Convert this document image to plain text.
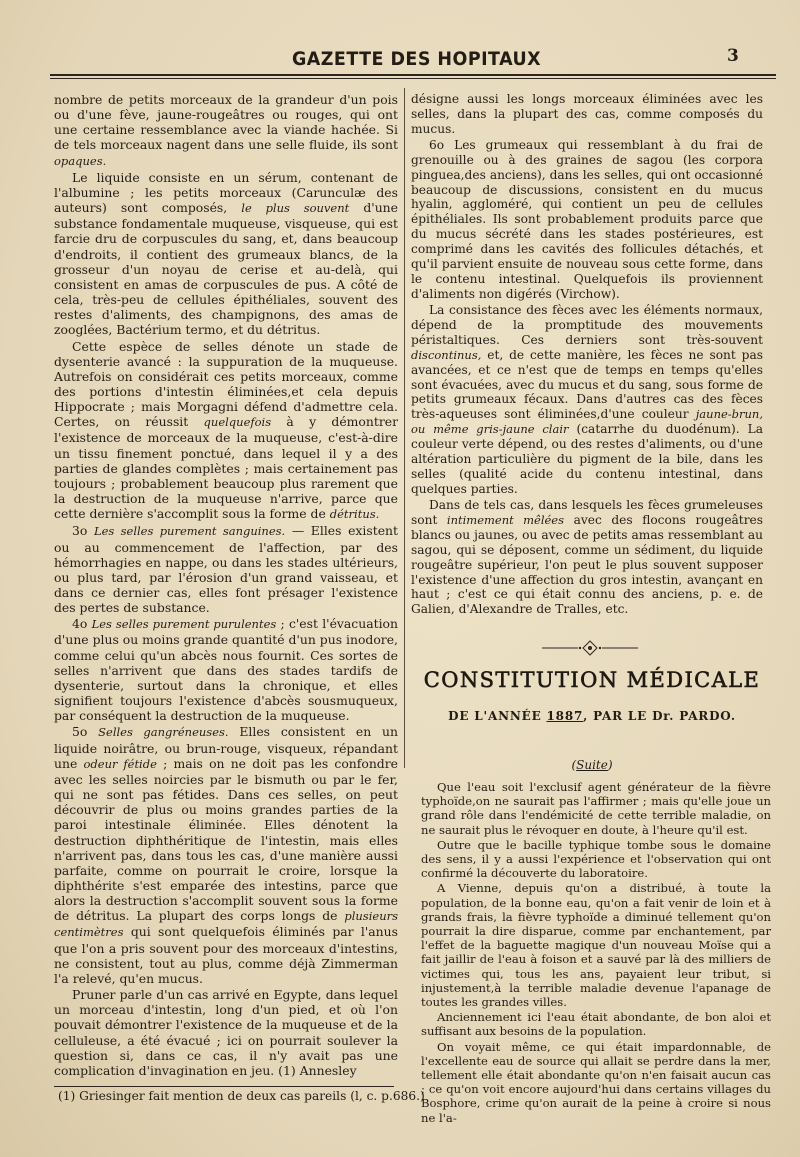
GAZETTE DES HOPITAUX	3

nombre de petits morceaux de la grandeur d'un pois ou d'une fève, jaune-rougeâtres ou rouges, qui ont une certaine ressemblance avec la viande hachée. Si de tels morceaux nagent dans une selle fluide, ils sont opaques.

Le liquide consiste en un sérum, contenant de l'albumine ; les petits morceaux (Carunculæ des auteurs) sont composés, le plus souvent d'une substance fondamentale muqueuse, visqueuse, qui est farcie dru de corpuscules du sang, et, dans beaucoup d'endroits, il contient des grumeaux blancs, de la grosseur d'un noyau de cerise et au-delà, qui consistent en amas de corpuscules de pus. A côté de cela, très-peu de cellules épithéliales, souvent des restes d'aliments, des champignons, des amas de zooglées, Bactérium termo, et du détritus.

Cette espèce de selles dénote un stade de dysenterie avancé : la suppuration de la muqueuse. Autrefois on considérait ces petits morceaux, comme des portions d'intestin éliminées,et cela depuis Hippocrate ; mais Morgagni défend d'admettre cela. Certes, on réussit quelquefois à y démontrer l'existence de morceaux de la muqueuse, c'est-à-dire un tissu finement ponctué, dans lequel il y a des parties de glandes complètes ; mais certainement pas toujours ; probablement beaucoup plus rarement que la destruction de la muqueuse n'arrive, parce que cette dernière s'accomplit sous la forme de détritus.

3o Les selles purement sanguines. — Elles existent ou au commencement de l'affection, par des hémorrhagies en nappe, ou dans les stades ultérieurs, ou plus tard, par l'érosion d'un grand vaisseau, et dans ce dernier cas, elles font présager l'existence des pertes de substance.

4o Les selles purement purulentes ; c'est l'évacuation d'une plus ou moins grande quantité d'un pus inodore, comme celui qu'un abcès nous fournit. Ces sortes de selles n'arrivent que dans des stades tardifs de dysenterie, surtout dans la chronique, et elles signifient toujours l'existence d'abcès sousmuqueux, par conséquent la destruction de la muqueuse.

5o Selles gangréneuses. Elles consistent en un liquide noirâtre, ou brun-rouge, visqueux, répandant une odeur fétide ; mais on ne doit pas les confondre avec les selles noircies par le bismuth ou par le fer, qui ne sont pas fétides. Dans ces selles, on peut découvrir de plus ou moins grandes parties de la paroi intestinale éliminée. Elles dénotent la destruction diphthéritique de l'intestin, mais elles n'arrivent pas, dans tous les cas, d'une manière aussi parfaite, comme on pourrait le croire, lorsque la diphthérite s'est emparée des intestins, parce que alors la destruction s'accomplit souvent sous la forme de détritus. La plupart des corps longs de plusieurs centimètres qui sont quelquefois éliminés par l'anus que l'on a pris souvent pour des morceaux d'intestins, ne consistent, tout au plus, comme déjà Zimmerman l'a relevé, qu'en mucus.

Pruner parle d'un cas arrivé en Egypte, dans lequel un morceau d'intestin, long d'un pied, et où l'on pouvait démontrer l'existence de la muqueuse et de la celluleuse, a été évacué ; ici on pourrait soulever la question si, dans ce cas, il n'y avait pas une complication d'invagination en jeu. (1) Annesley

(1) Griesinger fait mention de deux cas pareils (l, c. p.686.)

désigne aussi les longs morceaux éliminées avec les selles, dans la plupart des cas, comme composés du mucus.

6o Les grumeaux qui ressemblant à du frai de grenouille ou à des graines de sagou (les corpora pinguea,des anciens), dans les selles, qui ont occasionné beaucoup de discussions, consistent en du mucus hyalin, aggloméré, qui contient un peu de cellules épithéliales. Ils sont probablement produits parce que du mucus sécrété dans les stades postérieures, est comprimé dans les cavités des follicules détachés, et qu'il parvient ensuite de nouveau sous cette forme, dans le contenu intestinal. Quelquefois ils proviennent d'aliments non digérés (Virchow).

La consistance des fèces avec les éléments normaux, dépend de la promptitude des mouvements péristaltiques. Ces derniers sont très-souvent discontinus, et, de cette manière, les fèces ne sont pas avancées, et ce n'est que de temps en temps qu'elles sont évacuées, avec du mucus et du sang, sous forme de petits grumeaux fécaux. Dans d'autres cas des fèces très-aqueuses sont éliminées,d'une couleur jaune-brun, ou même gris-jaune clair (catarrhe du duodénum). La couleur verte dépend, ou des restes d'aliments, ou d'une altération particulière du pigment de la bile, dans les selles (qualité acide du contenu intestinal, dans quelques parties.

Dans de tels cas, dans lesquels les fèces grumeleuses sont intimement mêlées avec des flocons rougeâtres blancs ou jaunes, ou avec de petits amas ressemblant au sagou, qui se déposent, comme un sédiment, du liquide rougeâtre supérieur, l'on peut le plus souvent supposer l'existence d'une affection du gros intestin, avançant en haut ; c'est ce qui était connu des anciens, p. e. de Galien, d'Alexandre de Tralles, etc.

CONSTITUTION MÉDICALE
DE L'ANNÉE 1887, PAR LE Dr. PARDO.
(Suite)

Que l'eau soit l'exclusif agent générateur de la fièvre typhoïde,on ne saurait pas l'affirmer ; mais qu'elle joue un grand rôle dans l'endémicité de cette terrible maladie, on ne saurait plus le révoquer en doute, à l'heure qu'il est.

Outre que le bacille typhique tombe sous le domaine des sens, il y a aussi l'expérience et l'observation qui ont confirmé la découverte du laboratoire.

A Vienne, depuis qu'on a distribué, à toute la population, de la bonne eau, qu'on a fait venir de loin et à grands frais, la fièvre typhoïde a diminué tellement qu'on pourrait la dire disparue, comme par enchantement, par l'effet de la baguette magique d'un nouveau Moïse qui a fait jaillir de l'eau à foison et a sauvé par là des milliers de victimes qui, tous les ans, payaient leur tribut, si injustement,à la terrible maladie devenue l'apanage de toutes les grandes villes.

Anciennement ici l'eau était abondante, de bon aloi et suffisant aux besoins de la population.

On voyait même, ce qui était impardonnable, de l'excellente eau de source qui allait se perdre dans la mer, tellement elle était abondante qu'on n'en faisait aucun cas ; ce qu'on voit encore aujourd'hui dans certains villages du Bosphore, crime qu'on aurait de la peine à croire si nous ne l'a-
